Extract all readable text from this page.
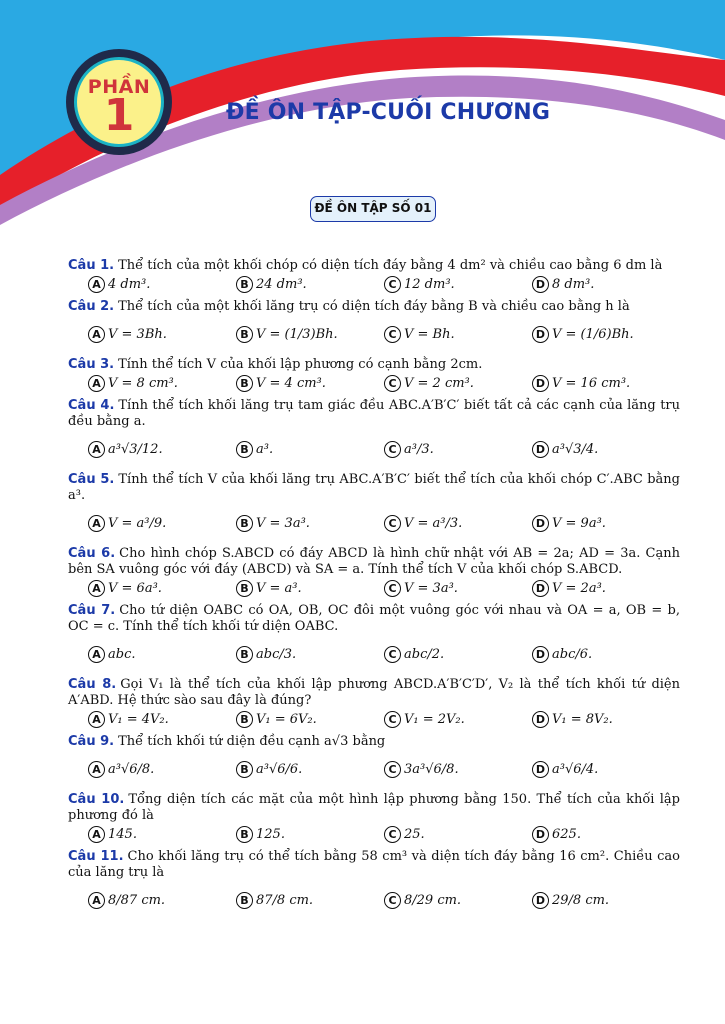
PHẦN
1	ĐỀ ÔN TẬP-CUỐI CHƯƠNG
ĐỀ ÔN TẬP SỐ 01
Câu 1. Thể tích của một khối chóp có diện tích đáy bằng 4 dm² và chiều cao bằng 6 dm là
A 4 dm³.	B 24 dm³.	C 12 dm³.	D 8 dm³.
Câu 2. Thể tích của một khối lăng trụ có diện tích đáy bằng B và chiều cao bằng h là
A V = 3Bh.	B V = (1/3)Bh.	C V = Bh.	D V = (1/6)Bh.
Câu 3. Tính thể tích V của khối lập phương có cạnh bằng 2cm.
A V = 8 cm³.	B V = 4 cm³.	C V = 2 cm³.	D V = 16 cm³.
Câu 4. Tính thể tích khối lăng trụ tam giác đều ABC.A′B′C′ biết tất cả các cạnh của lăng trụ đều bằng a.
A a³√3/12.	B a³.	C a³/3.	D a³√3/4.
Câu 5. Tính thể tích V của khối lăng trụ ABC.A′B′C′ biết thể tích của khối chóp C′.ABC bằng a³.
A V = a³/9.	B V = 3a³.	C V = a³/3.	D V = 9a³.
Câu 6. Cho hình chóp S.ABCD có đáy ABCD là hình chữ nhật với AB = 2a; AD = 3a. Cạnh bên SA vuông góc với đáy (ABCD) và SA = a. Tính thể tích V của khối chóp S.ABCD.
A V = 6a³.	B V = a³.	C V = 3a³.	D V = 2a³.
Câu 7. Cho tứ diện OABC có OA, OB, OC đôi một vuông góc với nhau và OA = a, OB = b, OC = c. Tính thể tích khối tứ diện OABC.
A abc.	B abc/3.	C abc/2.	D abc/6.
Câu 8. Gọi V₁ là thể tích của khối lập phương ABCD.A′B′C′D′, V₂ là thể tích khối tứ diện A′ABD. Hệ thức sào sau đây là đúng?
A V₁ = 4V₂.	B V₁ = 6V₂.	C V₁ = 2V₂.	D V₁ = 8V₂.
Câu 9. Thể tích khối tứ diện đều cạnh a√3 bằng
A a³√6/8.	B a³√6/6.	C 3a³√6/8.	D a³√6/4.
Câu 10. Tổng diện tích các mặt của một hình lập phương bằng 150. Thể tích của khối lập phương đó là
A 145.	B 125.	C 25.	D 625.
Câu 11. Cho khối lăng trụ có thể tích bằng 58 cm³ và diện tích đáy bằng 16 cm². Chiều cao của lăng trụ là
A 8/87 cm.	B 87/8 cm.	C 8/29 cm.	D 29/8 cm.
